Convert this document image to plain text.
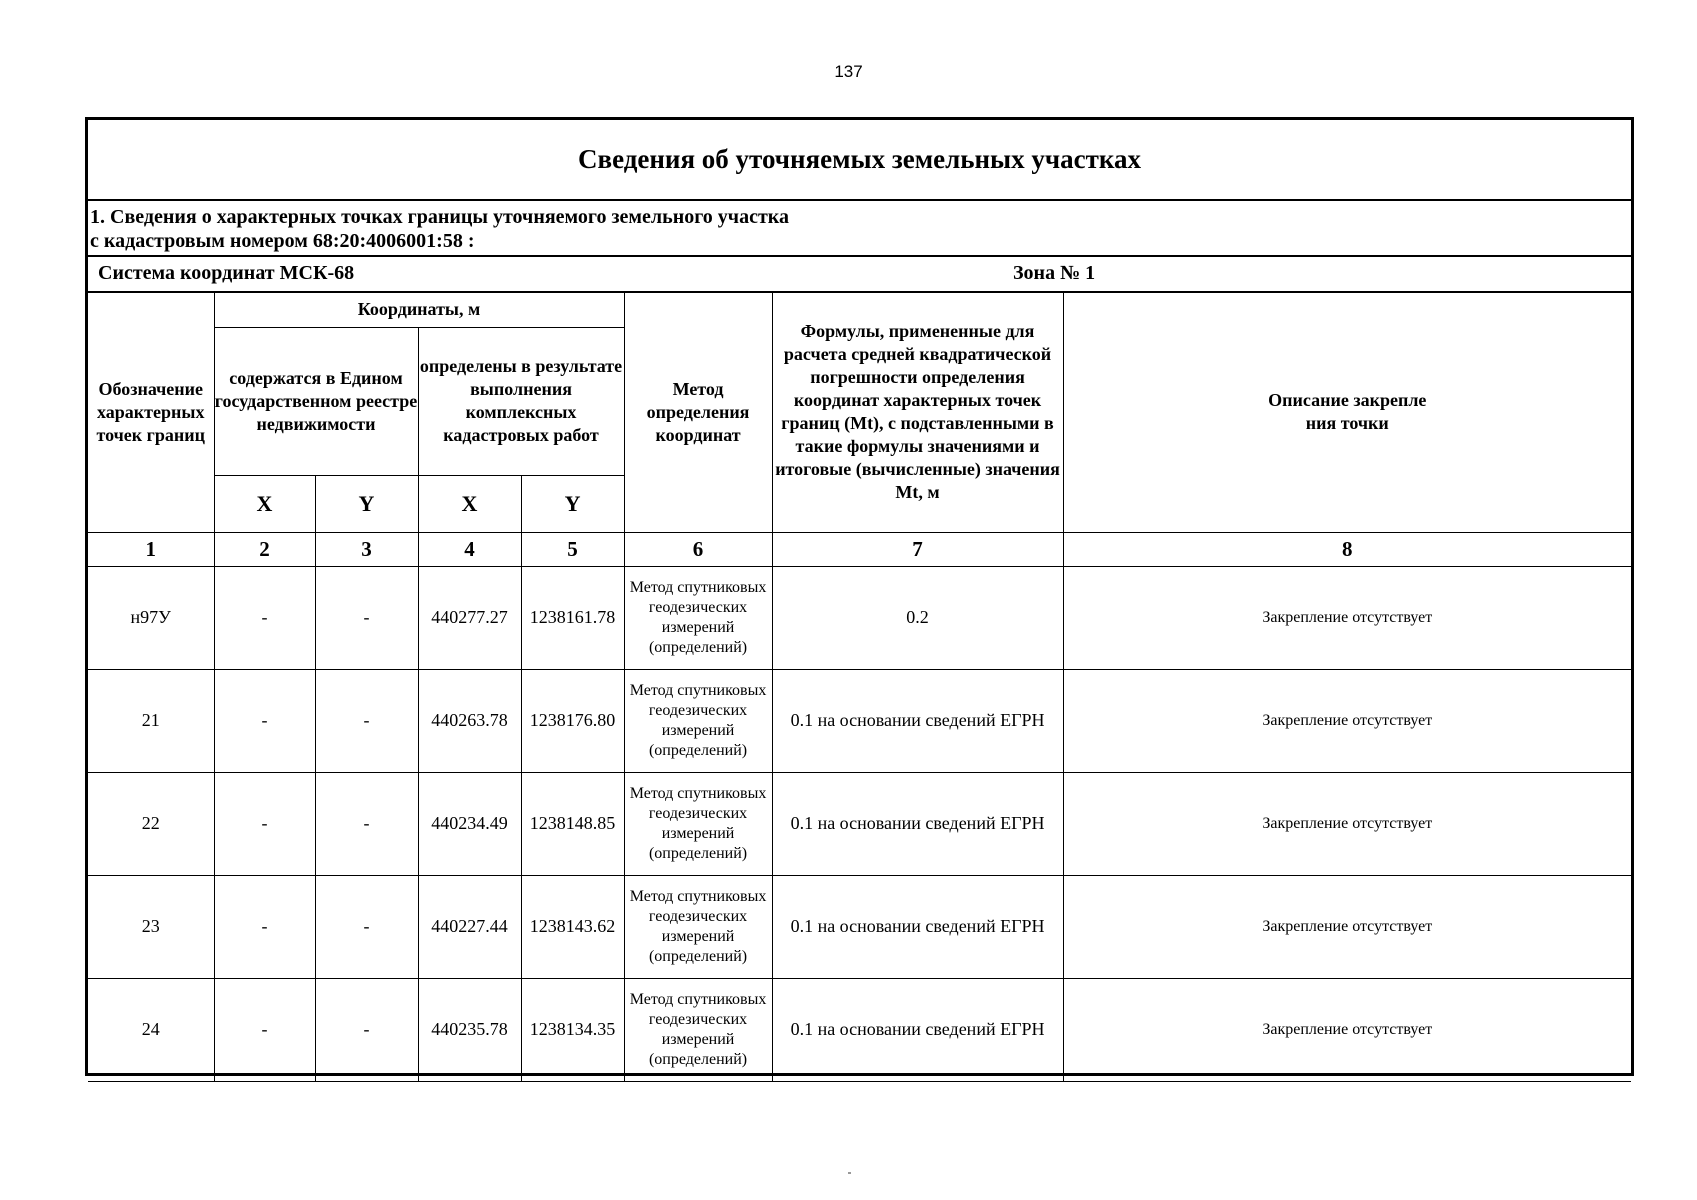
137
Сведения об уточняемых земельных участках
1. Сведения о характерных точках границы уточняемого земельного участка
с кадастровым номером 68:20:4006001:58 :
Система координат МСК-68	Зона № 1
Обозначение характерных точек границ	Координаты, м				Метод определения координат	Формулы, примененные для расчета средней квадратической погрешности определения координат характерных точек границ (Mt), с подставленными в такие формулы значениями и итоговые (вычисленные) значения Mt, м	Описание закрепле
ния точки

	содержатся в Едином государственном реестре недвижимости		определены в результате выполнения комплексных кадастровых работ				
	X	Y	X	Y			
1	2	3	4	5	6	7	8
н97У	-	-	440277.27	1238161.78	Метод спутниковых геодезических измерений (определений)	0.2	Закрепление отсутствует
21	-	-	440263.78	1238176.80	Метод спутниковых геодезических измерений (определений)	0.1 на основании сведений ЕГРН	Закрепление отсутствует
22	-	-	440234.49	1238148.85	Метод спутниковых геодезических измерений (определений)	0.1 на основании сведений ЕГРН	Закрепление отсутствует
23	-	-	440227.44	1238143.62	Метод спутниковых геодезических измерений (определений)	0.1 на основании сведений ЕГРН	Закрепление отсутствует
24	-	-	440235.78	1238134.35	Метод спутниковых геодезических измерений (определений)	0.1 на основании сведений ЕГРН	Закрепление отсутствует
